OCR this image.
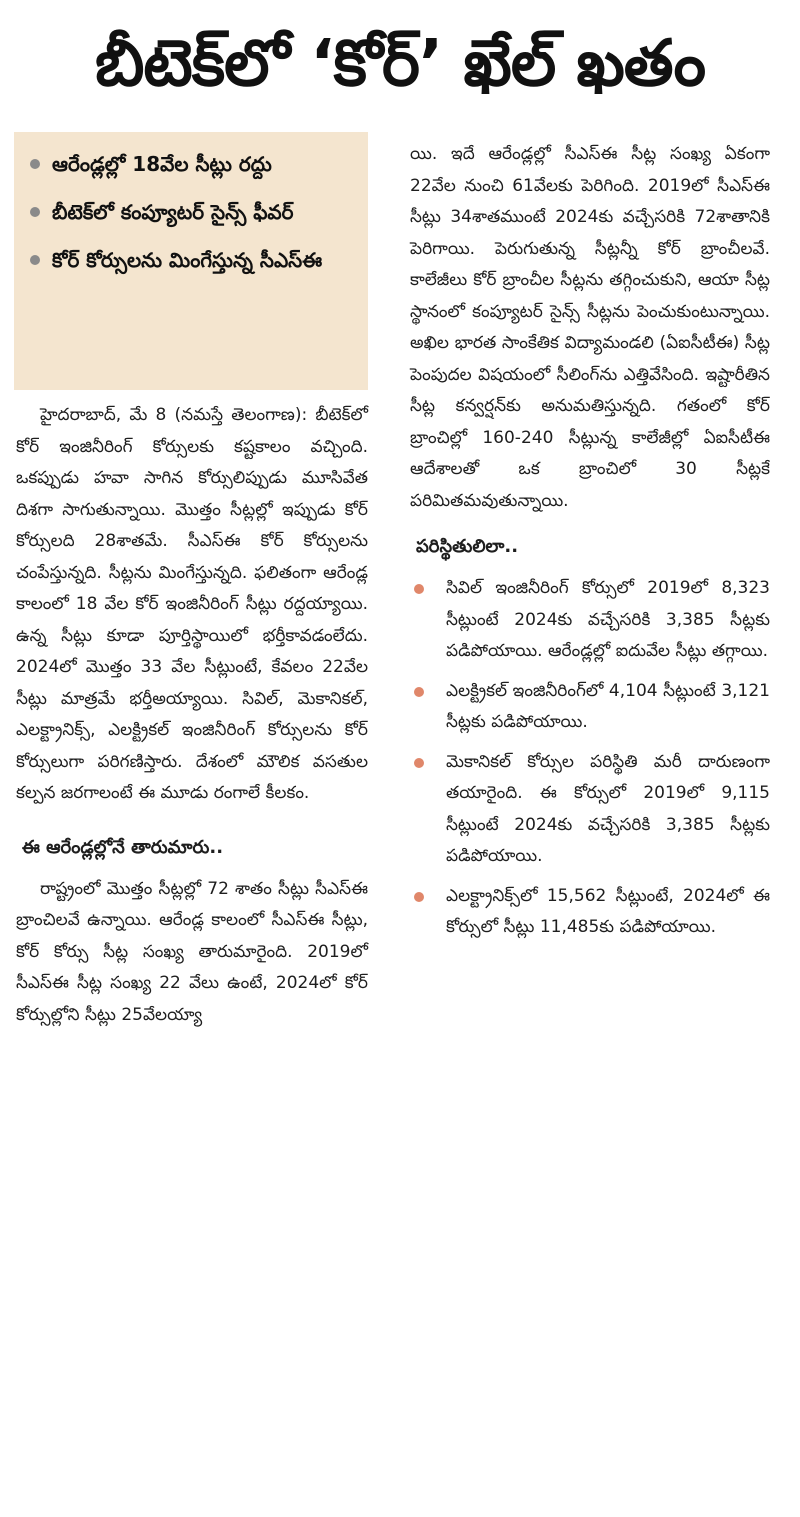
బీటెక్‌లో ‘కోర్’ ఖేల్ ఖతం
ఆరేండ్లల్లో 18వేల సీట్లు రద్దు
బీటెక్‌లో కంప్యూటర్ సైన్స్ ఫీవర్
కోర్ కోర్సులను మింగేస్తున్న సీఎస్‌ఈ

హైదరాబాద్, మే 8 (నమస్తే తెలంగాణ): బీటెక్‌లో కోర్ ఇంజినీరింగ్ కోర్సులకు కష్టకాలం వచ్చింది. ఒకప్పుడు హవా సాగిన కోర్సులిప్పుడు మూసివేత దిశగా సాగుతున్నాయి. మొత్తం సీట్లల్లో ఇప్పుడు కోర్ కోర్సులది 28శాతమే. సీఎస్‌ఈ కోర్ కోర్సులను చంపేస్తున్నది. సీట్లను మింగేస్తున్నది. ఫలితంగా ఆరేండ్ల కాలంలో 18 వేల కోర్ ఇంజినీరింగ్ సీట్లు రద్దయ్యాయి. ఉన్న సీట్లు కూడా పూర్తిస్థాయిలో భర్తీకావడంలేదు. 2024లో మొత్తం 33 వేల సీట్లుంటే, కేవలం 22వేల సీట్లు మాత్రమే భర్తీఅయ్యాయి. సివిల్, మెకానికల్, ఎలక్ట్రానిక్స్, ఎలక్ట్రికల్ ఇంజినీరింగ్ కోర్సులను కోర్ కోర్సులుగా పరిగణిస్తారు. దేశంలో మౌలిక వసతుల కల్పన జరగాలంటే ఈ మూడు రంగాలే కీలకం.

ఈ ఆరేండ్లల్లోనే తారుమారు..

రాష్ట్రంలో మొత్తం సీట్లల్లో 72 శాతం సీట్లు సీఎస్‌ఈ బ్రాంచిలవే ఉన్నాయి. ఆరేండ్ల కాలంలో సీఎస్‌ఈ సీట్లు, కోర్ కోర్సు సీట్ల సంఖ్య తారుమారైంది. 2019లో సీఎస్‌ఈ సీట్ల సంఖ్య 22 వేలు ఉంటే, 2024లో కోర్ కోర్సుల్లోని సీట్లు 25వేలయ్యా

యి. ఇదే ఆరేండ్లల్లో సీఎస్‌ఈ సీట్ల సంఖ్య ఏకంగా 22వేల నుంచి 61వేలకు పెరిగింది. 2019లో సీఎస్‌ఈ సీట్లు 34శాతముంటే 2024కు వచ్చేసరికి 72శాతానికి పెరిగాయి. పెరుగుతున్న సీట్లన్నీ కోర్ బ్రాంచీలవే. కాలేజీలు కోర్ బ్రాంచీల సీట్లను తగ్గించుకుని, ఆయా సీట్ల స్థానంలో కంప్యూటర్ సైన్స్ సీట్లను పెంచుకుంటున్నాయి. అఖిల భారత సాంకేతిక విద్యామండలి (ఏఐసీటీఈ) సీట్ల పెంపుదల విషయంలో సీలింగ్‌ను ఎత్తివేసింది. ఇష్టారీతిన సీట్ల కన్వర్షన్‌కు అనుమతిస్తున్నది. గతంలో కోర్ బ్రాంచిల్లో 160-240 సీట్లున్న కాలేజీల్లో ఏఐసీటీఈ ఆదేశాలతో ఒక బ్రాంచిలో 30 సీట్లకే పరిమితమవుతున్నాయి.

పరిస్థితులిలా..

సివిల్ ఇంజినీరింగ్ కోర్సులో 2019లో 8,323 సీట్లుంటే 2024కు వచ్చేసరికి 3,385 సీట్లకు పడిపోయాయి. ఆరేండ్లల్లో ఐదువేల సీట్లు తగ్గాయి.
ఎలక్ట్రికల్ ఇంజినీరింగ్‌లో 4,104 సీట్లుంటే 3,121 సీట్లకు పడిపోయాయి.
మెకానికల్ కోర్సుల పరిస్థితి మరీ దారుణంగా తయారైంది. ఈ కోర్సులో 2019లో 9,115 సీట్లుంటే 2024కు వచ్చేసరికి 3,385 సీట్లకు పడిపోయాయి.
ఎలక్ట్రానిక్స్‌లో 15,562 సీట్లుంటే, 2024లో ఈ కోర్సులో సీట్లు 11,485కు పడిపోయాయి.
